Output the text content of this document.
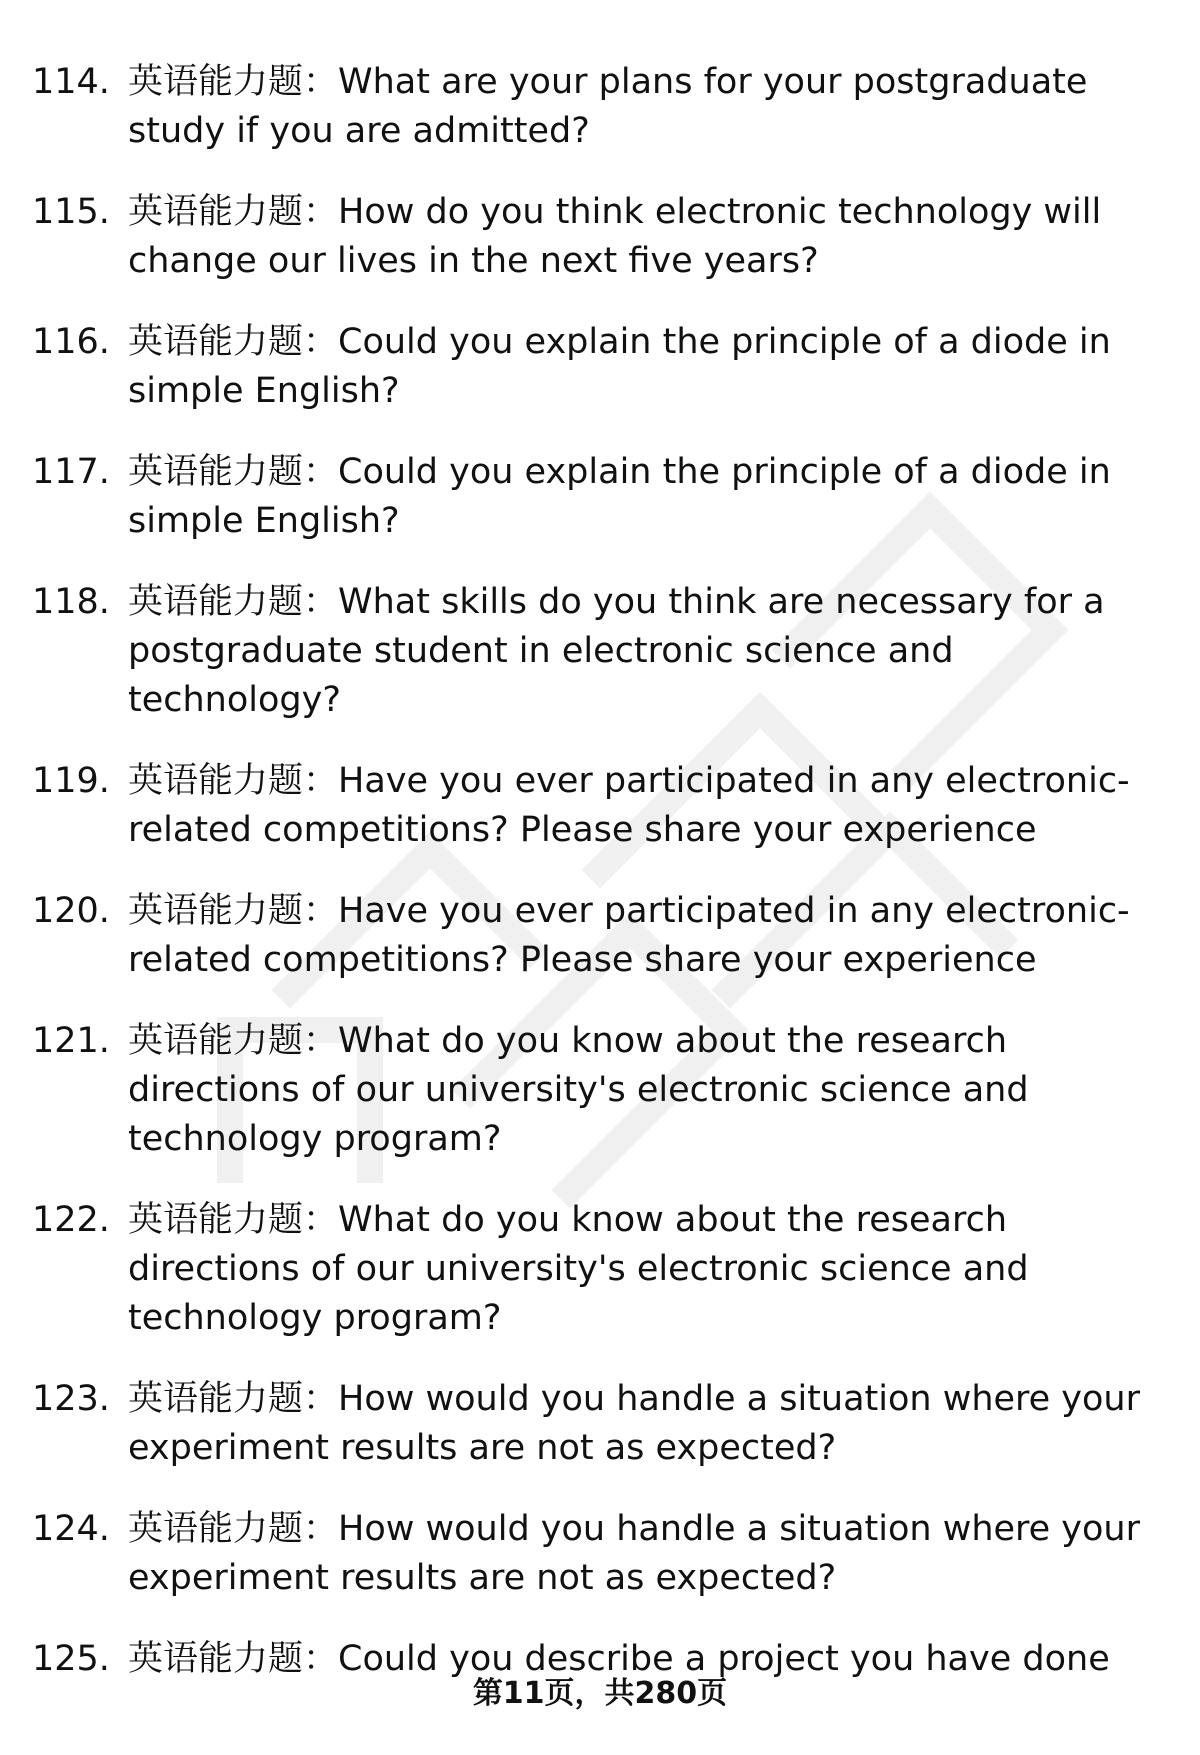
114. 英语能力题：What are your plans for your postgraduate study if you are admitted?
115. 英语能力题：How do you think electronic technology will change our lives in the next five years?
116. 英语能力题：Could you explain the principle of a diode in simple English?
117. 英语能力题：Could you explain the principle of a diode in simple English?
118. 英语能力题：What skills do you think are necessary for a postgraduate student in electronic science and technology?
119. 英语能力题：Have you ever participated in any electronic-related competitions? Please share your experience
120. 英语能力题：Have you ever participated in any electronic-related competitions? Please share your experience
121. 英语能力题：What do you know about the research directions of our university's electronic science and technology program?
122. 英语能力题：What do you know about the research directions of our university's electronic science and technology program?
123. 英语能力题：How would you handle a situation where your experiment results are not as expected?
124. 英语能力题：How would you handle a situation where your experiment results are not as expected?
125. 英语能力题：Could you describe a project you have done
第11页，共280页
